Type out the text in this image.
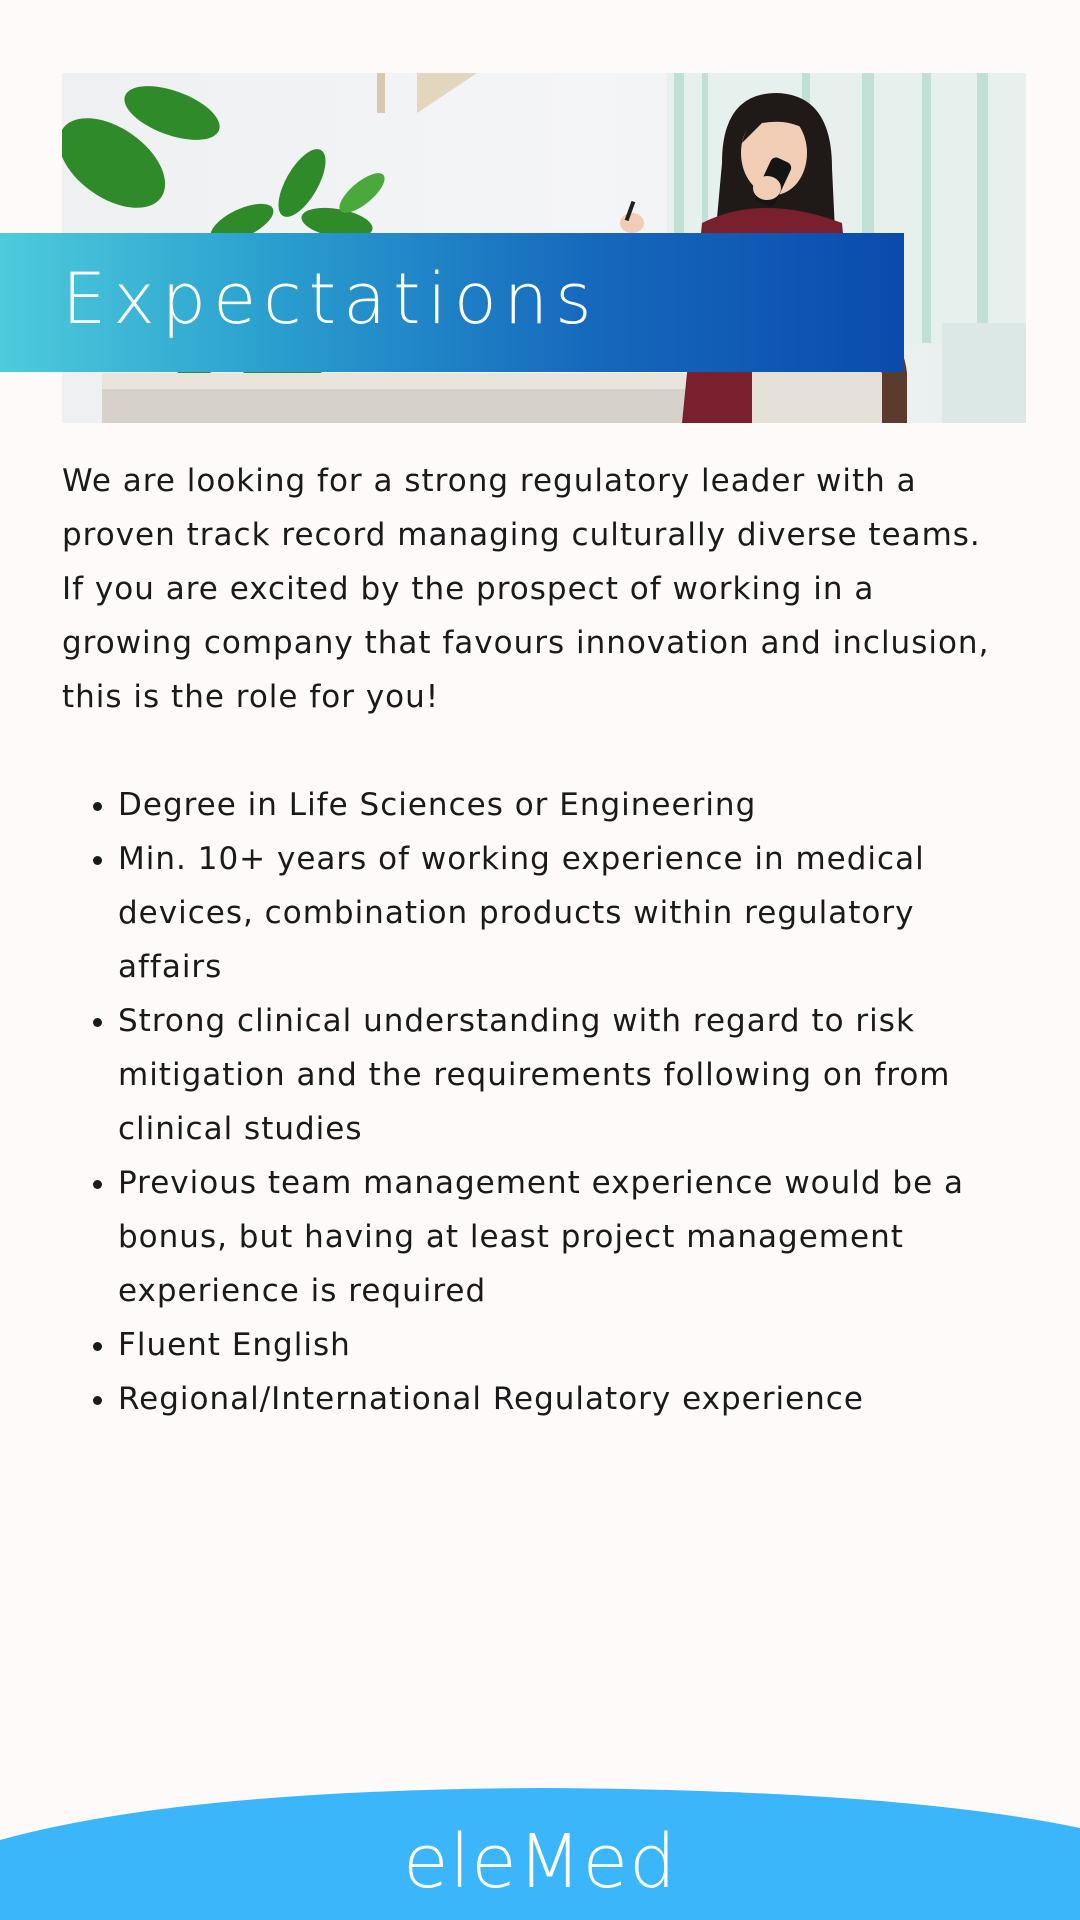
Expectations

We are looking for a strong regulatory leader with a proven track record managing culturally diverse teams. If you are excited by the prospect of working in a growing company that favours innovation and inclusion, this is the role for you!

• Degree in Life Sciences or Engineering
• Min. 10+ years of working experience in medical devices, combination products within regulatory affairs
• Strong clinical understanding with regard to risk mitigation and the requirements following on from clinical studies
• Previous team management experience would be a bonus, but having at least project management experience is required
• Fluent English
• Regional/International Regulatory experience
eleMed
